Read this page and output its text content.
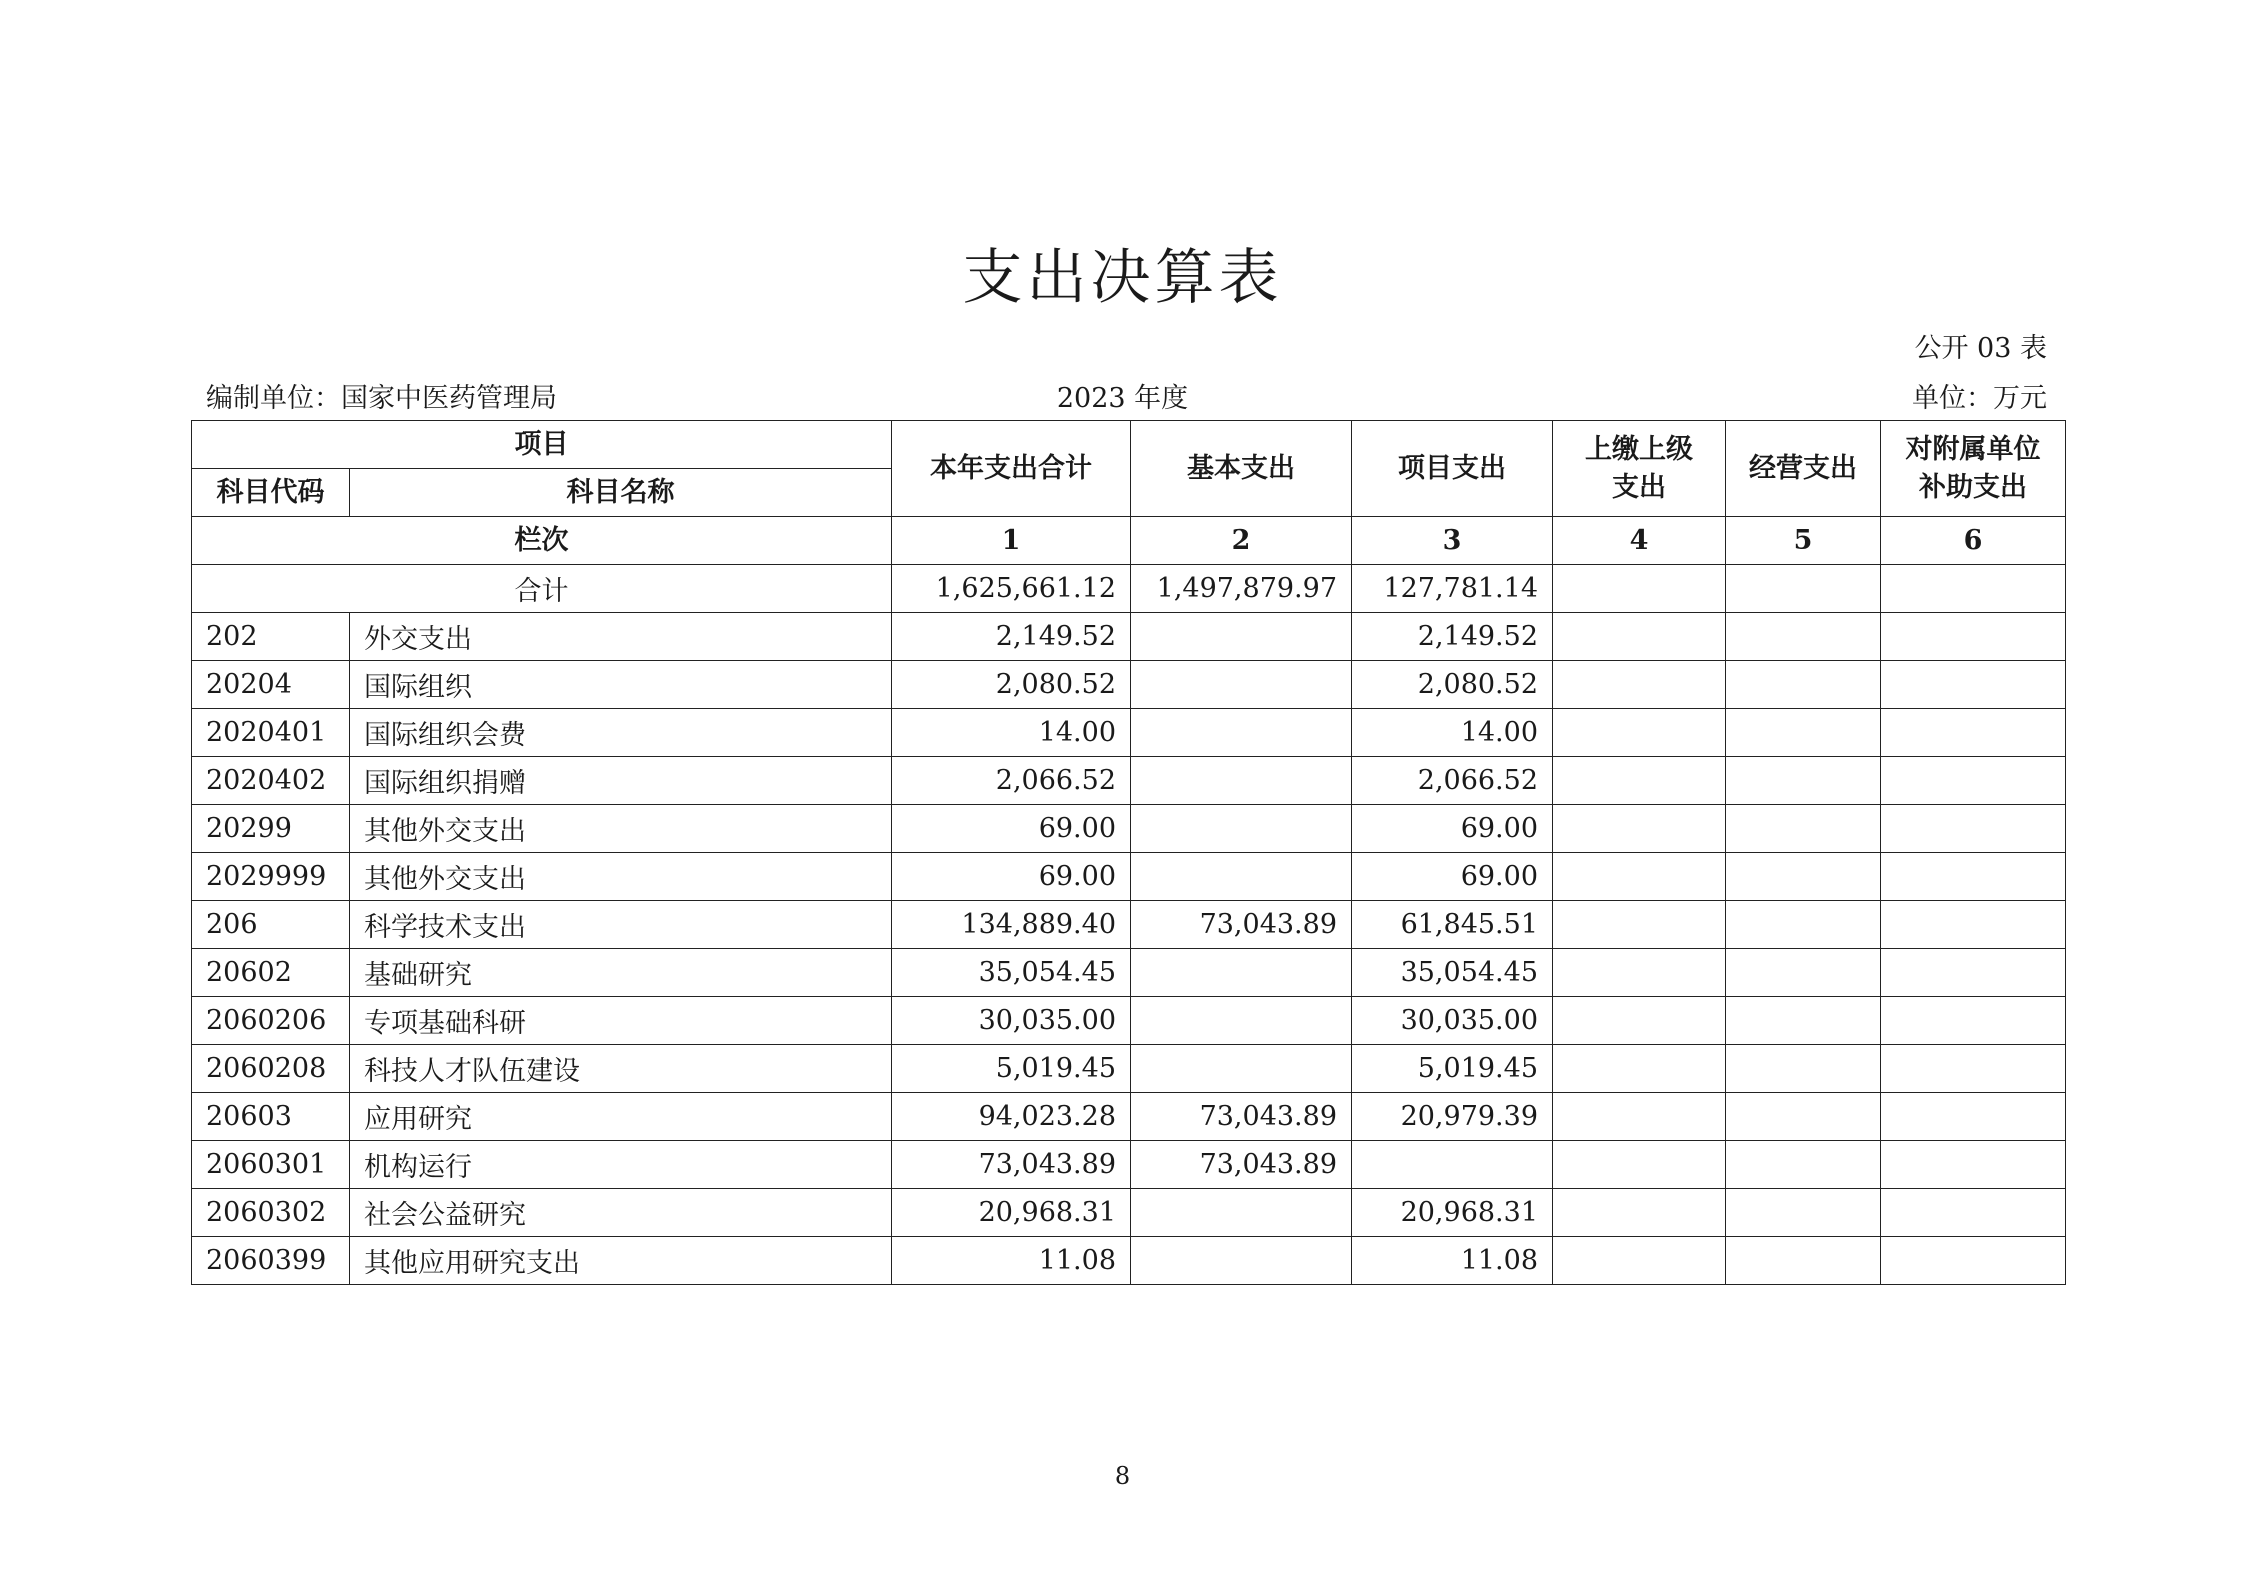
支出决算表
公开 03 表
编制单位：国家中医药管理局	2023 年度	单位：万元
项目		本年支出合计	基本支出	项目支出	上缴上级支出	经营支出	对附属单位补助支出

科目代码	科目名称						
栏次		1	2	3	4	5	6
合计		1,625,661.12	1,497,879.97	127,781.14			
202	外交支出	2,149.52		2,149.52			
20204	国际组织	2,080.52		2,080.52			
2020401	国际组织会费	14.00		14.00			
2020402	国际组织捐赠	2,066.52		2,066.52			
20299	其他外交支出	69.00		69.00			
2029999	其他外交支出	69.00		69.00			
206	科学技术支出	134,889.40	73,043.89	61,845.51			
20602	基础研究	35,054.45		35,054.45			
2060206	专项基础科研	30,035.00		30,035.00			
2060208	科技人才队伍建设	5,019.45		5,019.45			
20603	应用研究	94,023.28	73,043.89	20,979.39			
2060301	机构运行	73,043.89	73,043.89				
2060302	社会公益研究	20,968.31		20,968.31			
2060399	其他应用研究支出	11.08		11.08			
8
